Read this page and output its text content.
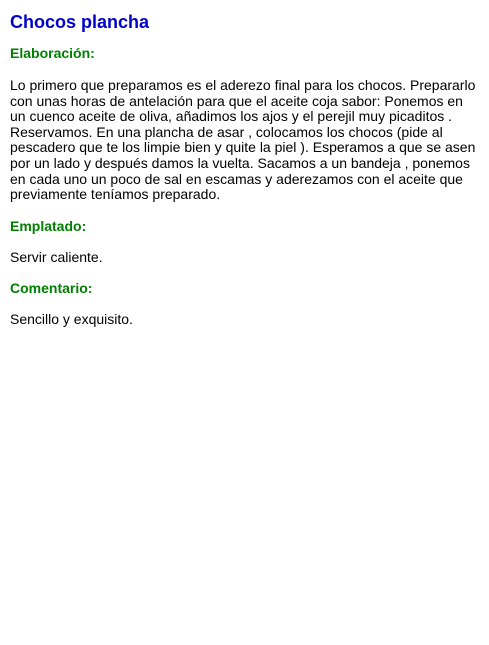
Chocos plancha
Elaboración:

Lo primero que preparamos es el aderezo final para los chocos. Prepararlo con unas horas de antelación para que el aceite coja sabor: Ponemos en un cuenco aceite de oliva, añadimos los ajos y el perejil muy picaditos . Reservamos. En una plancha de asar , colocamos los chocos (pide al pescadero que te los limpie bien y quite la piel ). Esperamos a que se asen por un lado y después damos la vuelta. Sacamos a un bandeja , ponemos en cada uno un poco de sal en escamas y aderezamos con el aceite que previamente teníamos preparado.

Emplatado:

Servir caliente.

Comentario:

Sencillo y exquisito.
